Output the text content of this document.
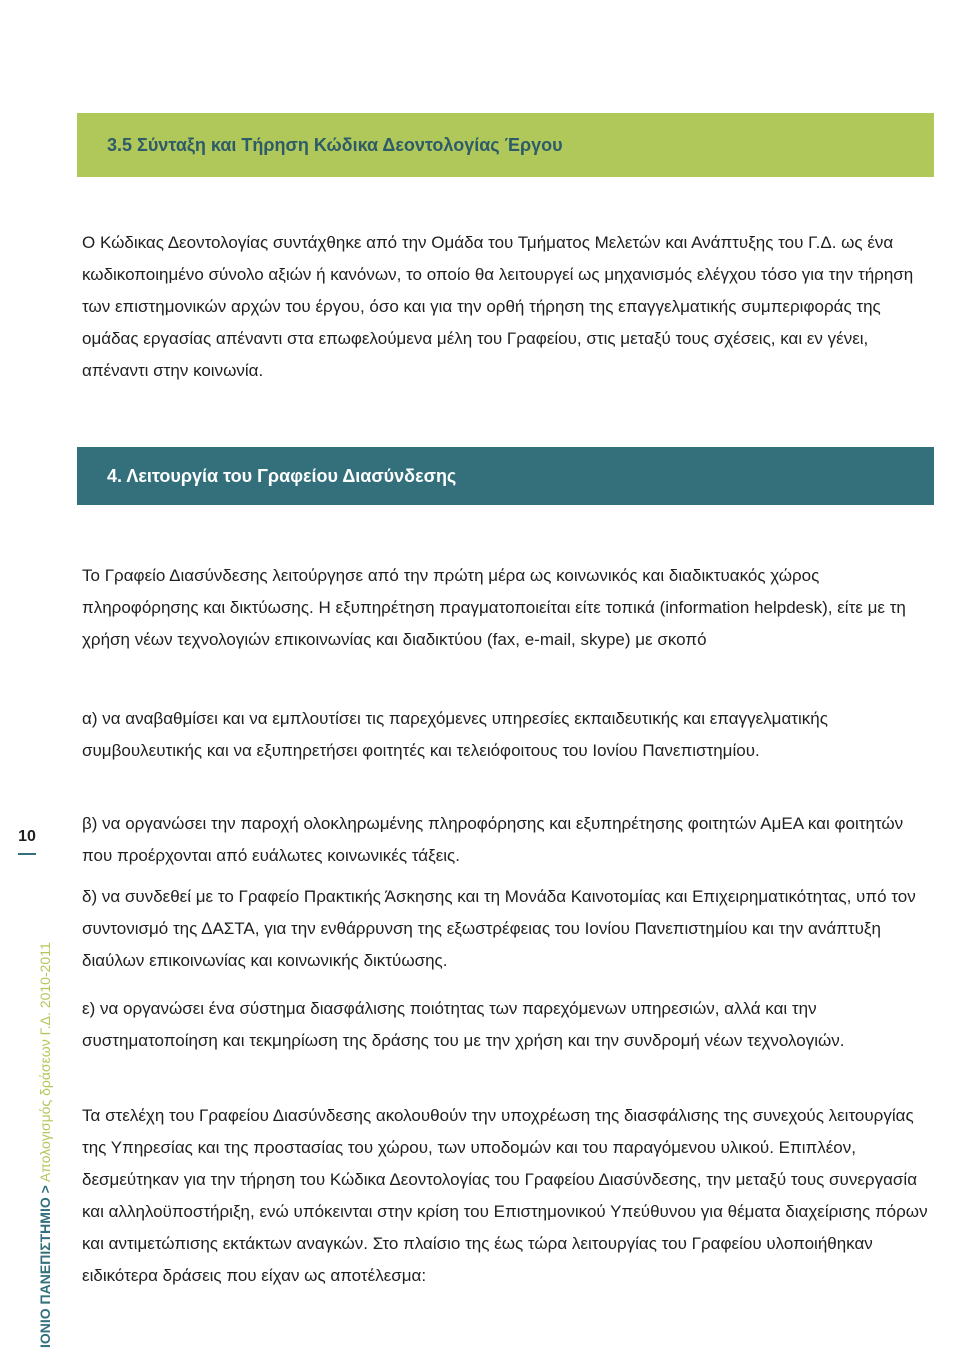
3.5 Σύνταξη και Τήρηση Κώδικα Δεοντολογίας Έργου

Ο Κώδικας Δεοντολογίας συντάχθηκε από την Ομάδα του Τμήματος Μελετών και Ανάπτυξης του Γ.Δ. ως ένα κωδικοποιημένο σύνολο αξιών ή κανόνων, το οποίο θα λειτουργεί ως μηχανισμός ελέγχου τόσο για την τήρηση των επιστημονικών αρχών του έργου, όσο και για την ορθή τήρηση της επαγγελματικής συμπεριφοράς της ομάδας εργασίας απέναντι στα επωφελούμενα μέλη του Γραφείου, στις μεταξύ τους σχέσεις, και εν γένει, απέναντι στην κοινωνία.

4. Λειτουργία του Γραφείου Διασύνδεσης

Το Γραφείο Διασύνδεσης λειτούργησε από την πρώτη μέρα ως κοινωνικός και διαδικτυακός χώρος πληροφόρησης και δικτύωσης. Η εξυπηρέτηση πραγματοποιείται είτε τοπικά (information helpdesk), είτε με τη χρήση νέων τεχνολογιών επικοινωνίας και διαδικτύου (fax, e-mail, skype) με σκοπό

α) να αναβαθμίσει και να εμπλουτίσει τις παρεχόμενες υπηρεσίες εκπαιδευτικής και επαγγελματικής συμβουλευτικής και να εξυπηρετήσει φοιτητές και τελειόφοιτους του Ιονίου Πανεπιστημίου.

β) να οργανώσει την παροχή ολοκληρωμένης πληροφόρησης και εξυπηρέτησης φοιτητών ΑμΕΑ και φοιτητών που προέρχονται από ευάλωτες κοινωνικές τάξεις.

δ) να συνδεθεί με το Γραφείο Πρακτικής Άσκησης και τη Μονάδα Καινοτομίας και Επιχειρηματικότητας, υπό τον συντονισμό της ΔΑΣΤΑ, για την ενθάρρυνση της εξωστρέφειας του Ιονίου Πανεπιστημίου και την ανάπτυξη διαύλων επικοινωνίας και κοινωνικής δικτύωσης.

ε) να οργανώσει ένα σύστημα διασφάλισης ποιότητας των παρεχόμενων υπηρεσιών, αλλά και την συστηματοποίηση και τεκμηρίωση της δράσης του με την χρήση και την συνδρομή νέων τεχνολογιών.

Τα στελέχη του Γραφείου Διασύνδεσης ακολουθούν την υποχρέωση της διασφάλισης της συνεχούς λειτουργίας της Υπηρεσίας και της προστασίας του χώρου, των υποδομών και του παραγόμενου υλικού. Επιπλέον, δεσμεύτηκαν για την τήρηση του Κώδικα Δεοντολογίας του Γραφείου Διασύνδεσης, την μεταξύ τους συνεργασία και αλληλοϋποστήριξη, ενώ υπόκεινται στην κρίση του Επιστημονικού Υπεύθυνου για θέματα διαχείρισης πόρων και αντιμετώπισης εκτάκτων αναγκών. Στο πλαίσιο της έως τώρα λειτουργίας του Γραφείου υλοποιήθηκαν ειδικότερα δράσεις που είχαν ως αποτέλεσμα:

10
ΙΟΝΙΟ ΠΑΝΕΠΙΣΤΗΜΙΟ > Απολογισμός δράσεων Γ.Δ. 2010-2011
